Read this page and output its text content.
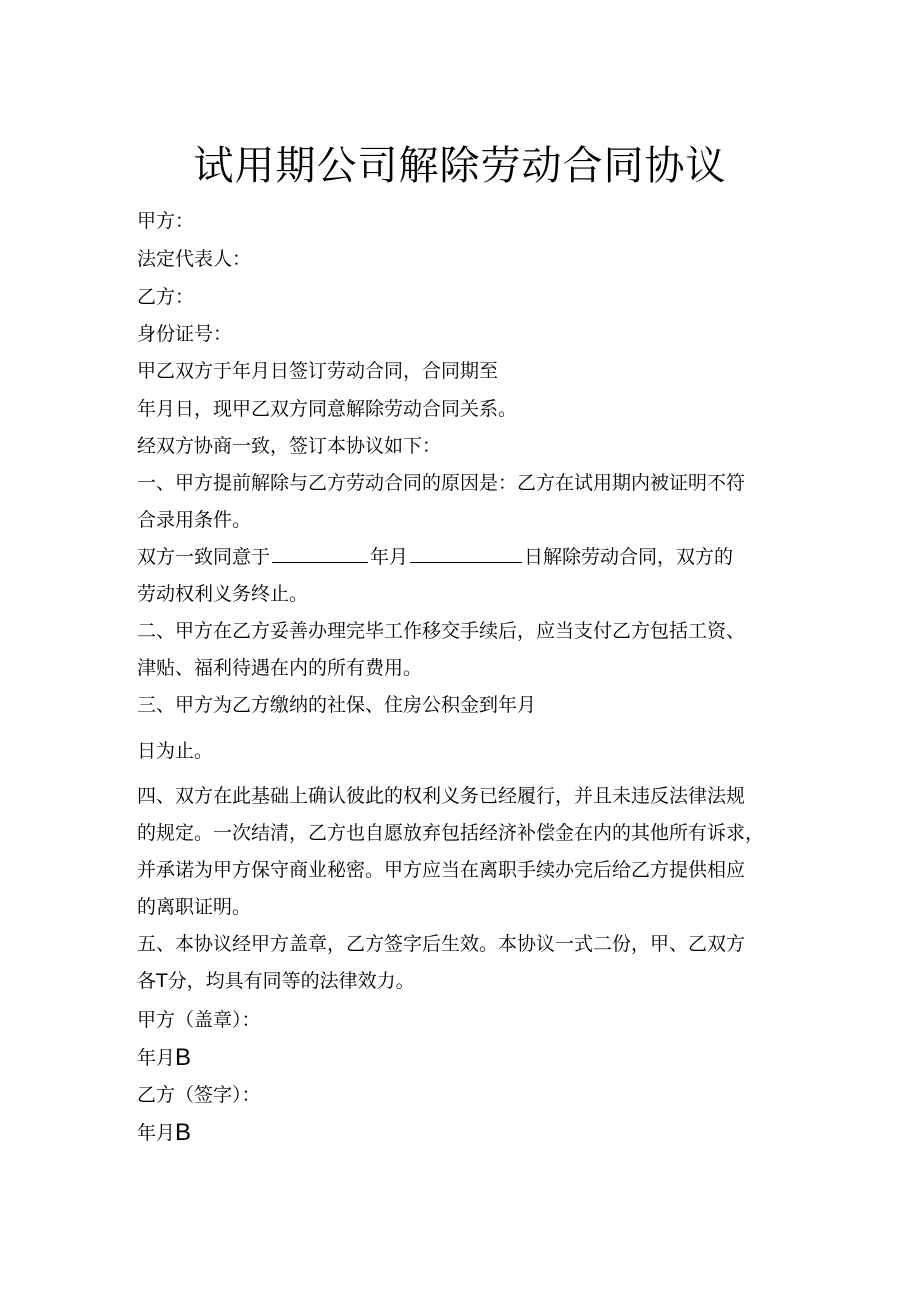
试用期公司解除劳动合同协议

甲方：

法定代表人：

乙方：

身份证号：

甲乙双方于年月日签订劳动合同，合同期至

年月日，现甲乙双方同意解除劳动合同关系。

经双方协商一致，签订本协议如下：

一、甲方提前解除与乙方劳动合同的原因是：乙方在试用期内被证明不符

合录用条件。

双方一致同意于	年月	日解除劳动合同，双方的

劳动权利义务终止。

二、甲方在乙方妥善办理完毕工作移交手续后，应当支付乙方包括工资、

津贴、福利待遇在内的所有费用。

三、甲方为乙方缴纳的社保、住房公积金到年月

日为止。

四、双方在此基础上确认彼此的权利义务已经履行，并且未违反法律法规

的规定。一次结清，乙方也自愿放弃包括经济补偿金在内的其他所有诉求，

并承诺为甲方保守商业秘密。甲方应当在离职手续办完后给乙方提供相应

的离职证明。

五、本协议经甲方盖章，乙方签字后生效。本协议一式二份，甲、乙双方

各T分，均具有同等的法律效力。

甲方（盖章）：

年月B

乙方（签字）：

年月B
